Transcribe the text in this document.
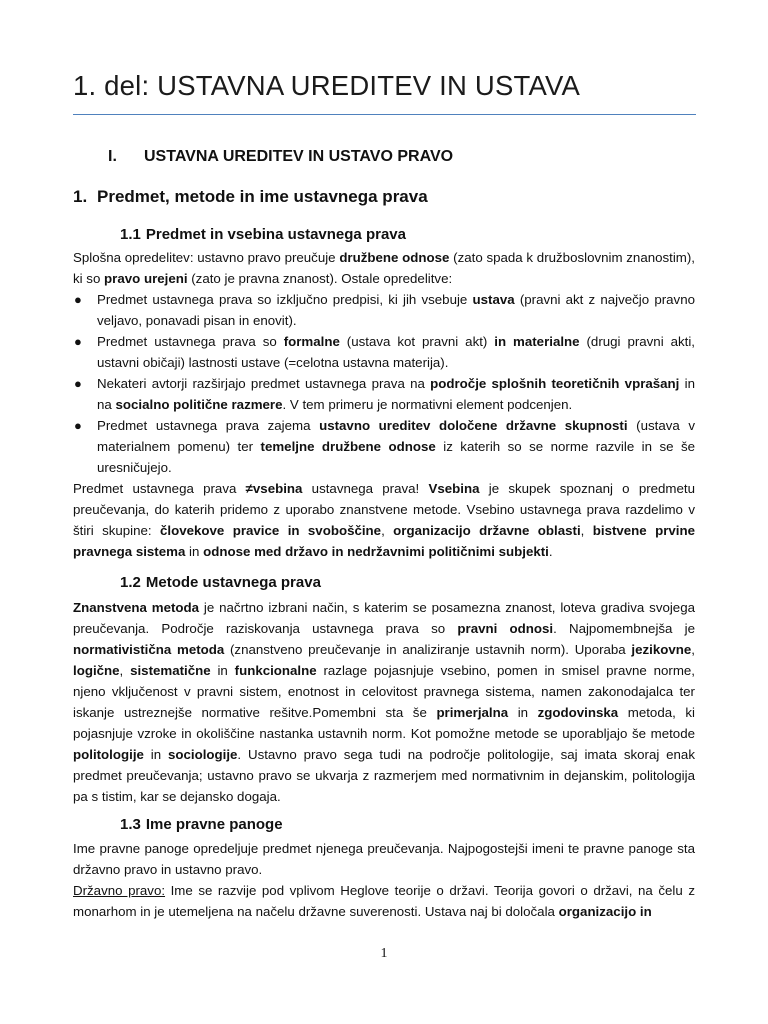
1. del: USTAVNA UREDITEV IN USTAVA
I. USTAVNA UREDITEV IN USTAVO PRAVO
1. Predmet, metode in ime ustavnega prava
1.1 Predmet in vsebina ustavnega prava

Splošna opredelitev: ustavno pravo preučuje družbene odnose (zato spada k družboslovnim znanostim), ki so pravo urejeni (zato je pravna znanost). Ostale opredelitve:

● Predmet ustavnega prava so izključno predpisi, ki jih vsebuje ustava (pravni akt z največjo pravno veljavo, ponavadi pisan in enovit).
● Predmet ustavnega prava so formalne (ustava kot pravni akt) in materialne (drugi pravni akti, ustavni običaji) lastnosti ustave (=celotna ustavna materija).
● Nekateri avtorji razširjajo predmet ustavnega prava na področje splošnih teoretičnih vprašanj in na socialno politične razmere. V tem primeru je normativni element podcenjen.
● Predmet ustavnega prava zajema ustavno ureditev določene državne skupnosti (ustava v materialnem pomenu) ter temeljne družbene odnose iz katerih so se norme razvile in se še uresničujejo.

Predmet ustavnega prava ≠vsebina ustavnega prava! Vsebina je skupek spoznanj o predmetu preučevanja, do katerih pridemo z uporabo znanstvene metode. Vsebino ustavnega prava razdelimo v štiri skupine: človekove pravice in svoboščine, organizacijo državne oblasti, bistvene prvine pravnega sistema in odnose med državo in nedržavnimi političnimi subjekti.

1.2 Metode ustavnega prava

Znanstvena metoda je načrtno izbrani način, s katerim se posamezna znanost, loteva gradiva svojega preučevanja. Področje raziskovanja ustavnega prava so pravni odnosi. Najpomembnejša je normativistična metoda (znanstveno preučevanje in analiziranje ustavnih norm). Uporaba jezikovne, logične, sistematične in funkcionalne razlage pojasnjuje vsebino, pomen in smisel pravne norme, njeno vključenost v pravni sistem, enotnost in celovitost pravnega sistema, namen zakonodajalca ter iskanje ustreznejše normative rešitve.Pomembni sta še primerjalna in zgodovinska metoda, ki pojasnjuje vzroke in okoliščine nastanka ustavnih norm. Kot pomožne metode se uporabljajo še metode politologije in sociologije. Ustavno pravo sega tudi na področje politologije, saj imata skoraj enak predmet preučevanja; ustavno pravo se ukvarja z razmerjem med normativnim in dejanskim, politologija pa s tistim, kar se dejansko dogaja.

1.3 Ime pravne panoge

Ime pravne panoge opredeljuje predmet njenega preučevanja. Najpogostejši imeni te pravne panoge sta državno pravo in ustavno pravo.

Državno pravo: Ime se razvije pod vplivom Heglove teorije o državi. Teorija govori o državi, na čelu z monarhom in je utemeljena na načelu državne suverenosti. Ustava naj bi določala organizacijo in

1
